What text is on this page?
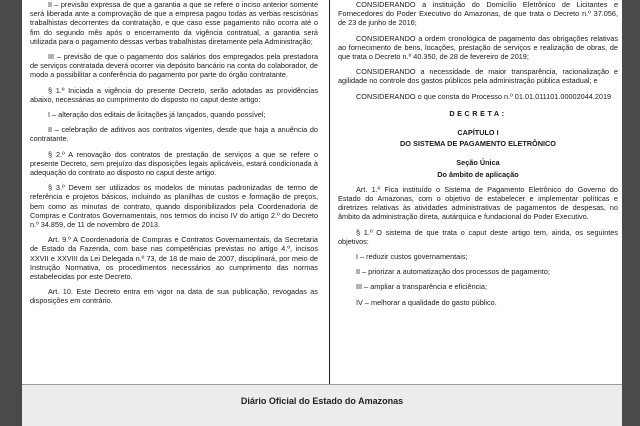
II – previsão expressa de que a garantia a que se refere o inciso anterior somente será liberada ante a comprovação de que a empresa pagou todas as verbas rescisórias trabalhistas decorrentes da contratação, e que caso esse pagamento não ocorra até o fim do segundo mês após o encerramento da vigência contratual, a garantia será utilizada para o pagamento dessas verbas trabalhistas diretamente pela Administração;

III – previsão de que o pagamento dos salários dos empregados pela prestadora de serviços contratada deverá ocorrer via depósito bancário na conta do colaborador, de modo a possibilitar a conferência do pagamento por parte do órgão contratante.

§ 1.º Iniciada a vigência do presente Decreto, serão adotadas as providências abaixo, necessárias ao cumprimento do disposto no caput deste artigo:

I – alteração dos editais de licitações já lançados, quando possível;

II – celebração de aditivos aos contratos vigentes, desde que haja a anuência do contratante.

§ 2.º A renovação dos contratos de prestação de serviços a que se refere o presente Decreto, sem prejuízo das disposições legais aplicáveis, estará condicionada à adequação do contrato ao disposto no caput deste artigo.

§ 3.º Devem ser utilizados os modelos de minutas padronizadas de termo de referência e projetos básicos, incluindo as planilhas de custos e formação de preços, bem como as minutas de contrato, quando disponibilizados pela Coordenadoria de Compras e Contratos Governamentais, nos termos do inciso IV do artigo 2.º do Decreto n.º 34.859, de 11 de novembro de 2013.

Art. 9.º A Coordenadoria de Compras e Contratos Governamentais, da Secretaria de Estado da Fazenda, com base nas competências previstas no artigo 4.º, incisos XXVII e XXVIII da Lei Delegada n.º 73, de 18 de maio de 2007, disciplinará, por meio de Instrução Normativa, os procedimentos necessários ao cumprimento das normas estabelecidas por este Decreto.

Art. 10. Este Decreto entra em vigor na data de sua publicação, revogadas as disposições em contrário.

CONSIDERANDO a instituição do Domicílio Eletrônico de Licitantes e Fornecedores do Poder Executivo do Amazonas, de que trata o Decreto n.º 37.056, de 23 de junho de 2016;

CONSIDERANDO a ordem cronológica de pagamento das obrigações relativas ao fornecimento de bens, locações, prestação de serviços e realização de obras, de que trata o Decreto n.º 40.350, de 28 de fevereiro de 2019;

CONSIDERANDO a necessidade de maior transparência, racionalização e agilidade no controle dos gastos públicos pela administração pública estadual; e

CONSIDERANDO o que consta do Processo n.º 01.01.011101.00002044.2019

DECRETA:

CAPÍTULO I

DO SISTEMA DE PAGAMENTO ELETRÔNICO

Seção Única

Do âmbito de aplicação

Art. 1.º Fica instituído o Sistema de Pagamento Eletrônico do Governo do Estado do Amazonas, com o objetivo de estabelecer e implementar políticas e diretrizes relativas às atividades administrativas de pagamentos de despesas, no âmbito da administração direta, autárquica e fundacional do Poder Executivo.

§ 1.º O sistema de que trata o caput deste artigo tem, ainda, os seguintes objetivos:

I – reduzir custos governamentais;

II – priorizar a automatização dos processos de pagamento;

III – ampliar a transparência e eficiência;

IV – melhorar a qualidade do gasto público.

Diário Oficial do Estado do Amazonas
